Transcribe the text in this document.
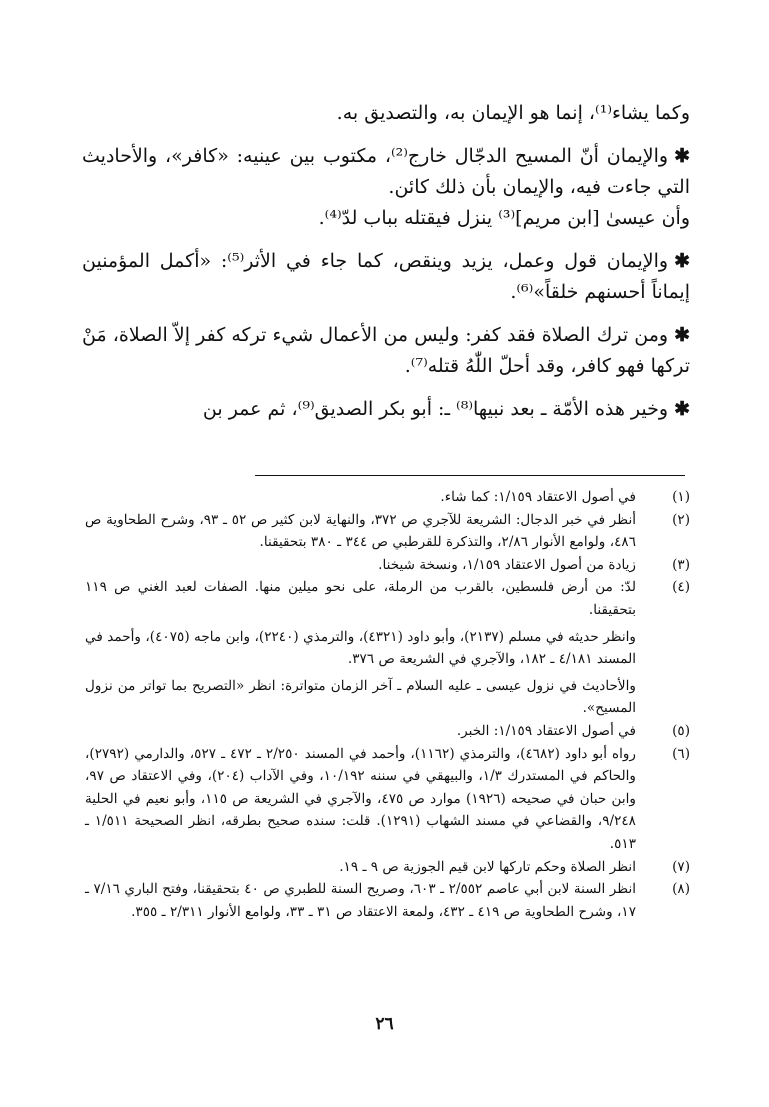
وكما يشاء⁽¹⁾، إنما هو الإيمان به، والتصديق به.

✱والإيمان أنّ المسيح الدجّال خارج⁽²⁾، مكتوب بين عينيه: «كافر»، والأحاديث التي جاءت فيه، والإيمان بأن ذلك كائن.

وأن عيسىٰ [ابن مريم]⁽³⁾ ينزل فيقتله بباب لدّ⁽⁴⁾.

✱والإيمان قول وعمل، يزيد وينقص، كما جاء في الأثر⁽⁵⁾: «أكمل المؤمنين إيماناً أحسنهم خلقاً»⁽⁶⁾.

✱ومن ترك الصلاة فقد كفر: وليس من الأعمال شيء تركه كفر إلاّ الصلاة، مَنْ تركها فهو كافر، وقد أحلّ اللّٰهُ قتله⁽⁷⁾.

✱وخير هذه الأمّة ـ بعد نبيها⁽⁸⁾ ـ: أبو بكر الصديق⁽⁹⁾، ثم عمر بن

(١)
في أصول الاعتقاد ١/١٥٩: كما شاء.
(٢)
أنظر في خبر الدجال: الشريعة للآجري ص ٣٧٢، والنهاية لابن كثير ص ٥٢ ـ ٩٣، وشرح الطحاوية ص ٤٨٦، ولوامع الأنوار ٢/٨٦، والتذكرة للقرطبي ص ٣٤٤ ـ ٣٨٠ بتحقيقنا.
(٣)
زيادة من أصول الاعتقاد ١/١٥٩، ونسخة شيخنا.
(٤)
لدّ: من أرض فلسطين، بالقرب من الرملة، على نحو ميلين منها. الصفات لعبد الغني ص ١١٩ بتحقيقنا.
وانظر حديثه في مسلم (٢١٣٧)، وأبو داود (٤٣٢١)، والترمذي (٢٢٤٠)، وابن ماجه (٤٠٧٥)، وأحمد في المسند ٤/١٨١ ـ ١٨٢، والآجري في الشريعة ص ٣٧٦.
والأحاديث في نزول عيسى ـ عليه السلام ـ آخر الزمان متواترة: انظر «التصريح بما تواتر من نزول المسيح».
(٥)
في أصول الاعتقاد ١/١٥٩: الخبر.
(٦)
رواه أبو داود (٤٦٨٢)، والترمذي (١١٦٢)، وأحمد في المسند ٢/٢٥٠ ـ ٤٧٢ ـ ٥٢٧، والدارمي (٢٧٩٢)، والحاكم في المستدرك ١/٣، والبيهقي في سننه ١٠/١٩٢، وفي الآداب (٢٠٤)، وفي الاعتقاد ص ٩٧، وابن حبان في صحيحه (١٩٢٦) موارد ص ٤٧٥، والآجري في الشريعة ص ١١٥، وأبو نعيم في الحلية ٩/٢٤٨، والقضاعي في مسند الشهاب (١٢٩١). قلت: سنده صحيح بطرقه، انظر الصحيحة ١/٥١١ ـ ٥١٣.
(٧)
انظر الصلاة وحكم تاركها لابن قيم الجوزية ص ٩ ـ ١٩.
(٨)
انظر السنة لابن أبي عاصم ٢/٥٥٢ ـ ٦٠٣، وصريح السنة للطبري ص ٤٠ بتحقيقنا، وفتح الباري ٧/١٦ ـ ١٧، وشرح الطحاوية ص ٤١٩ ـ ٤٣٢، ولمعة الاعتقاد ص ٣١ ـ ٣٣، ولوامع الأنوار ٢/٣١١ ـ ٣٥٥.
٢٦
